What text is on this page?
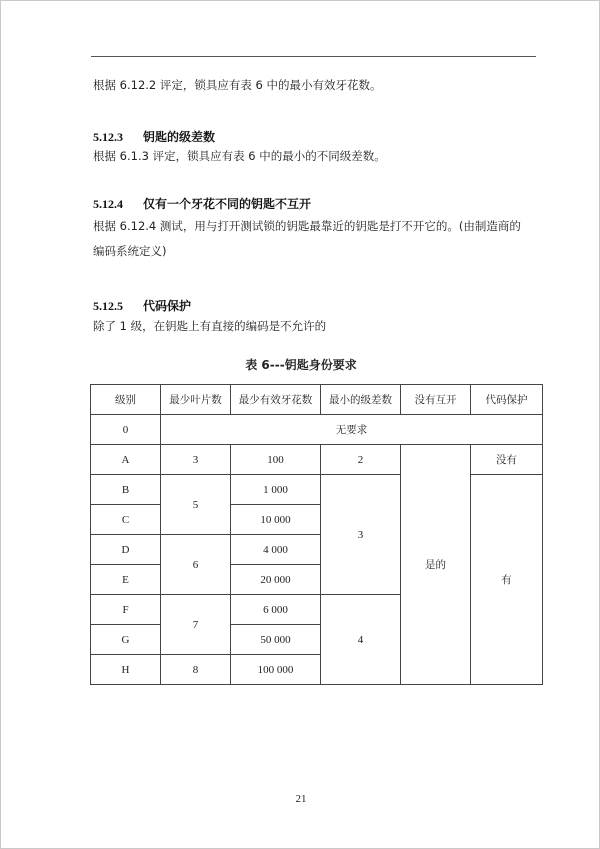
根据 6.12.2 评定，锁具应有表 6 中的最小有效牙花数。
5.12.3 钥匙的级差数
根据 6.1.3 评定，锁具应有表 6 中的最小的不同级差数。
5.12.4 仅有一个牙花不同的钥匙不互开
根据 6.12.4 测试，用与打开测试锁的钥匙最靠近的钥匙是打不开它的。(由制造商的
编码系统定义)
5.12.5 代码保护
除了 1 级，在钥匙上有直接的编码是不允许的
表 6---钥匙身份要求
级别	最少叶片数	最少有效牙花数	最小的级差数	没有互开	代码保护
0	无要求				
A	3	100	2	是的	没有
B	5	1 000	3		有
C		10 000			
D	6	4 000			
E		20 000			
F	7	6 000	4		
G		50 000			
H	8	100 000			
21
